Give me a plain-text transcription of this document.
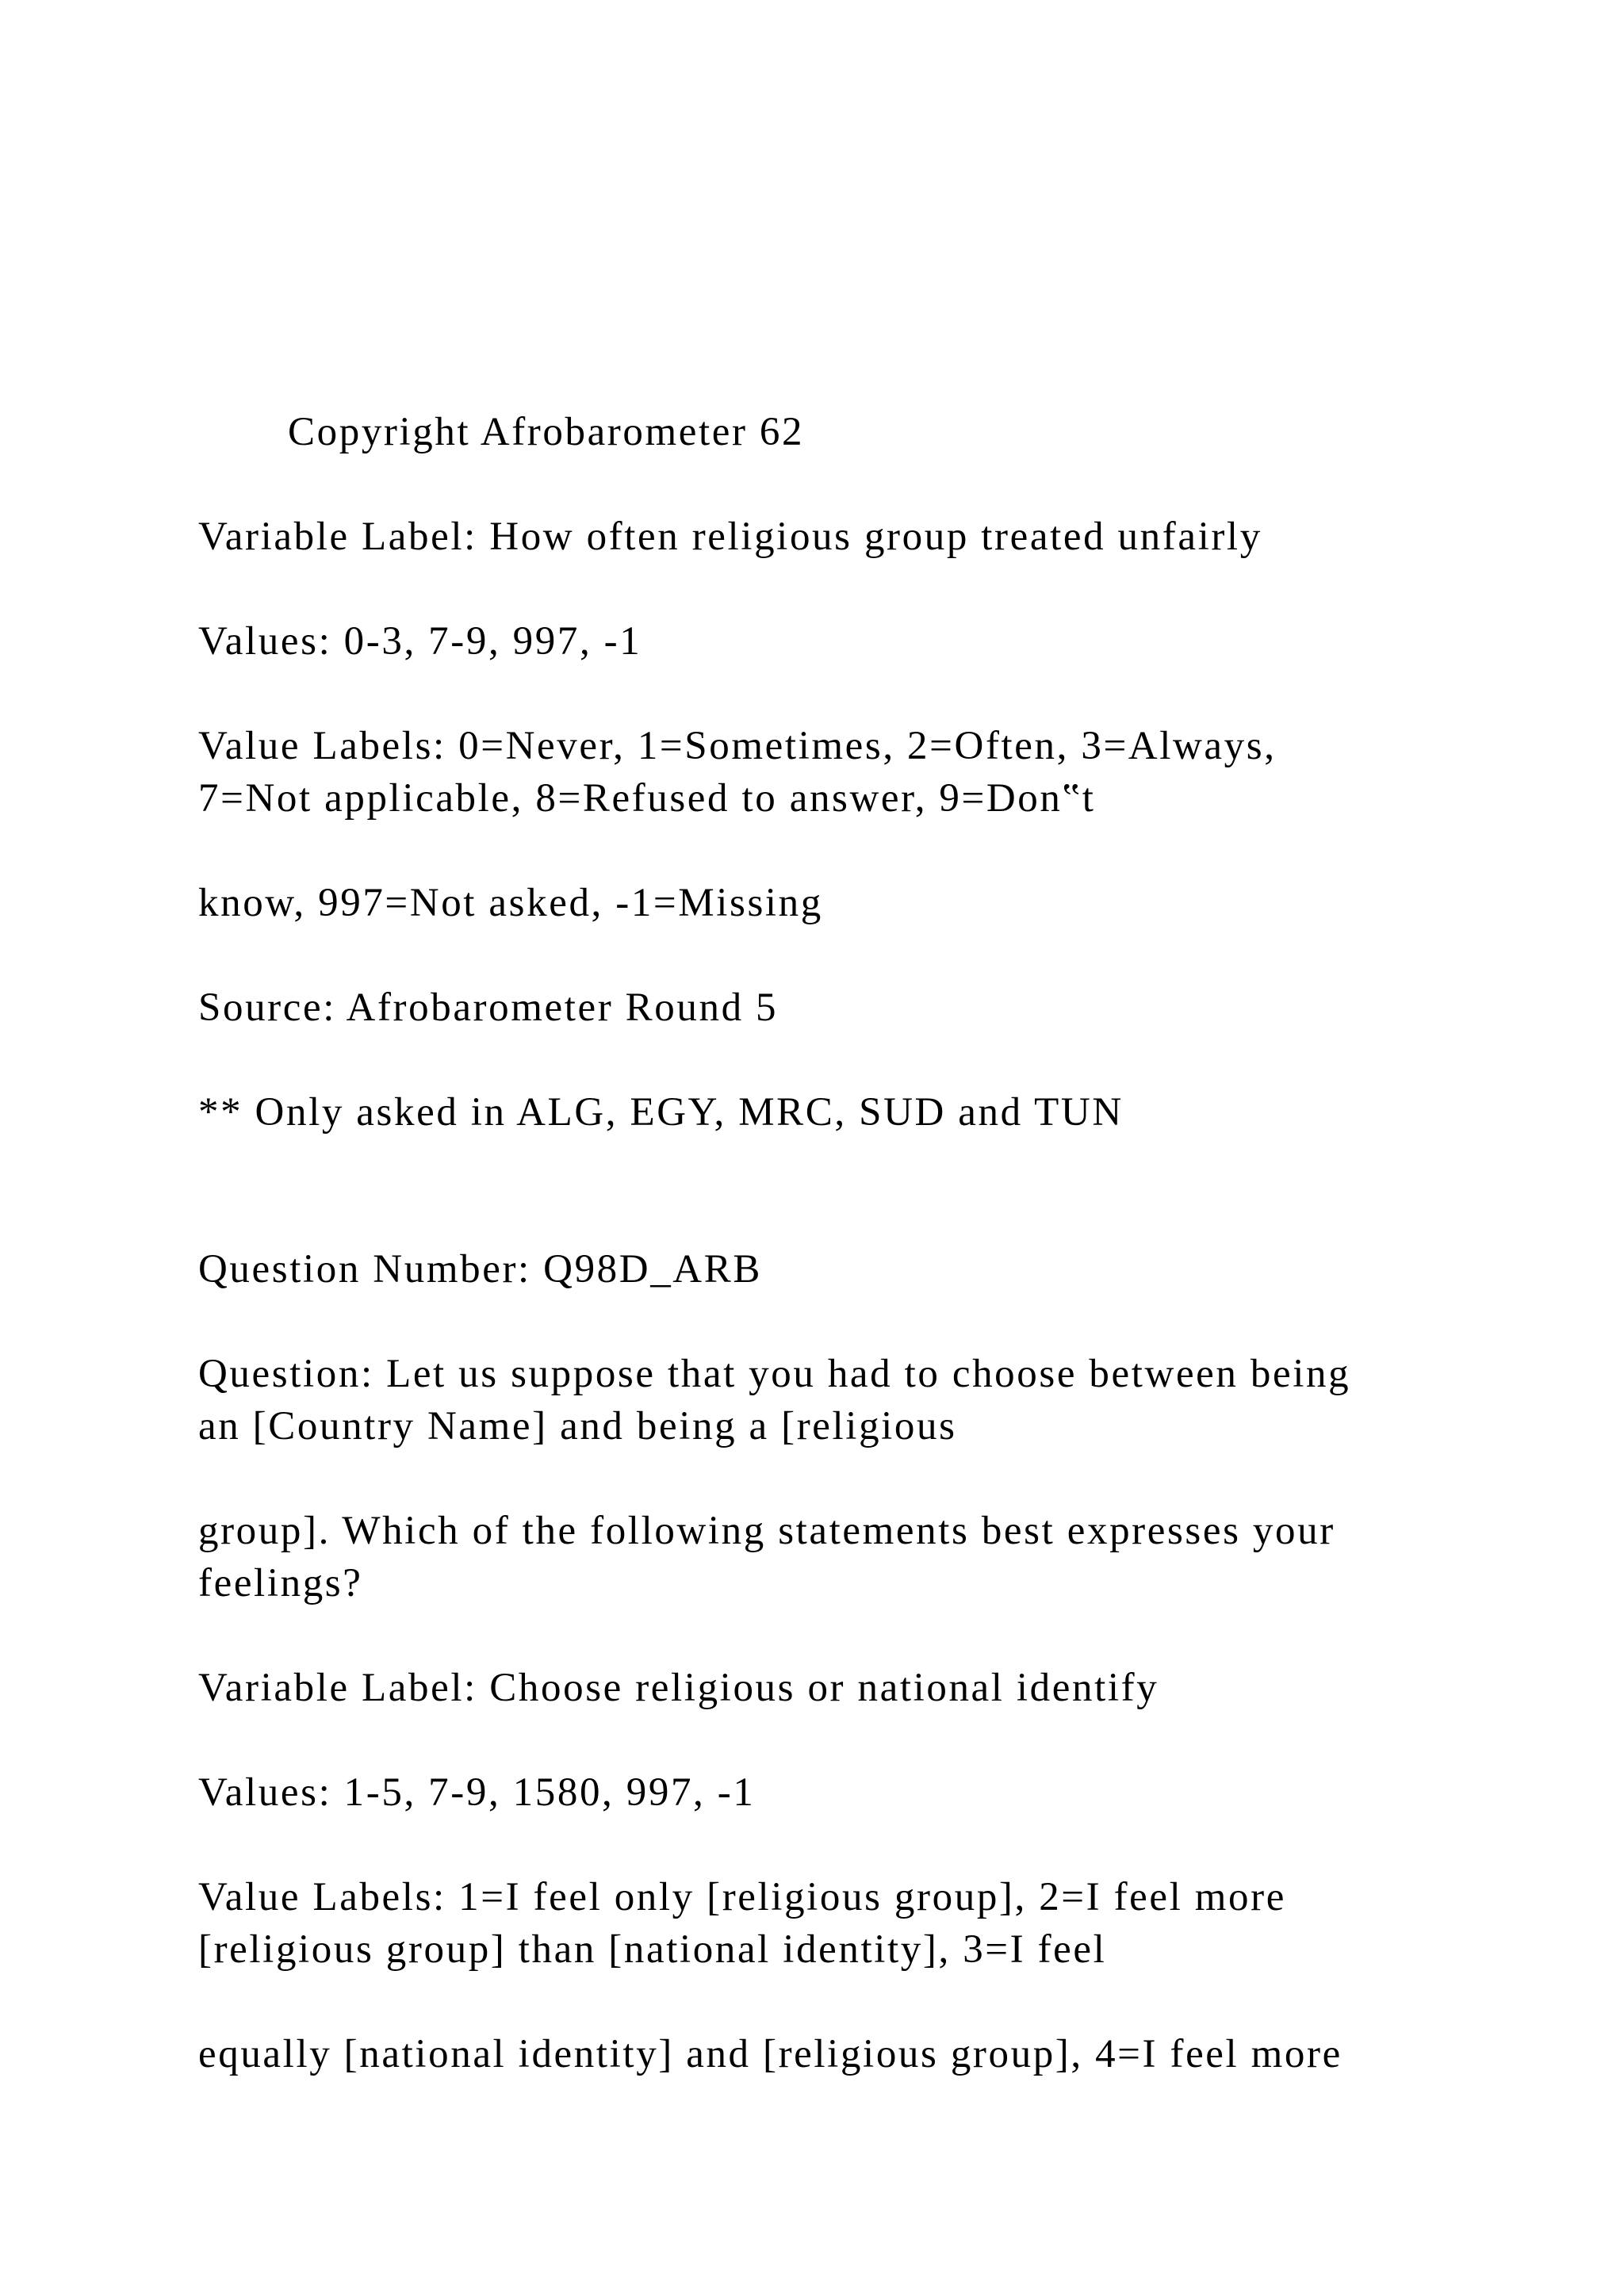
Copyright Afrobarometer 62

Variable Label: How often religious group treated unfairly

Values: 0-3, 7-9, 997, -1

Value Labels: 0=Never, 1=Sometimes, 2=Often, 3=Always,

7=Not applicable, 8=Refused to answer, 9=Don‟t

know, 997=Not asked, -1=Missing

Source: Afrobarometer Round 5

** Only asked in ALG, EGY, MRC, SUD and TUN

Question Number: Q98D_ARB

Question: Let us suppose that you had to choose between being

an [Country Name] and being a [religious

group]. Which of the following statements best expresses your

feelings?

Variable Label: Choose religious or national identify

Values: 1-5, 7-9, 1580, 997, -1

Value Labels: 1=I feel only [religious group], 2=I feel more

[religious group] than [national identity], 3=I feel

equally [national identity] and [religious group], 4=I feel more
